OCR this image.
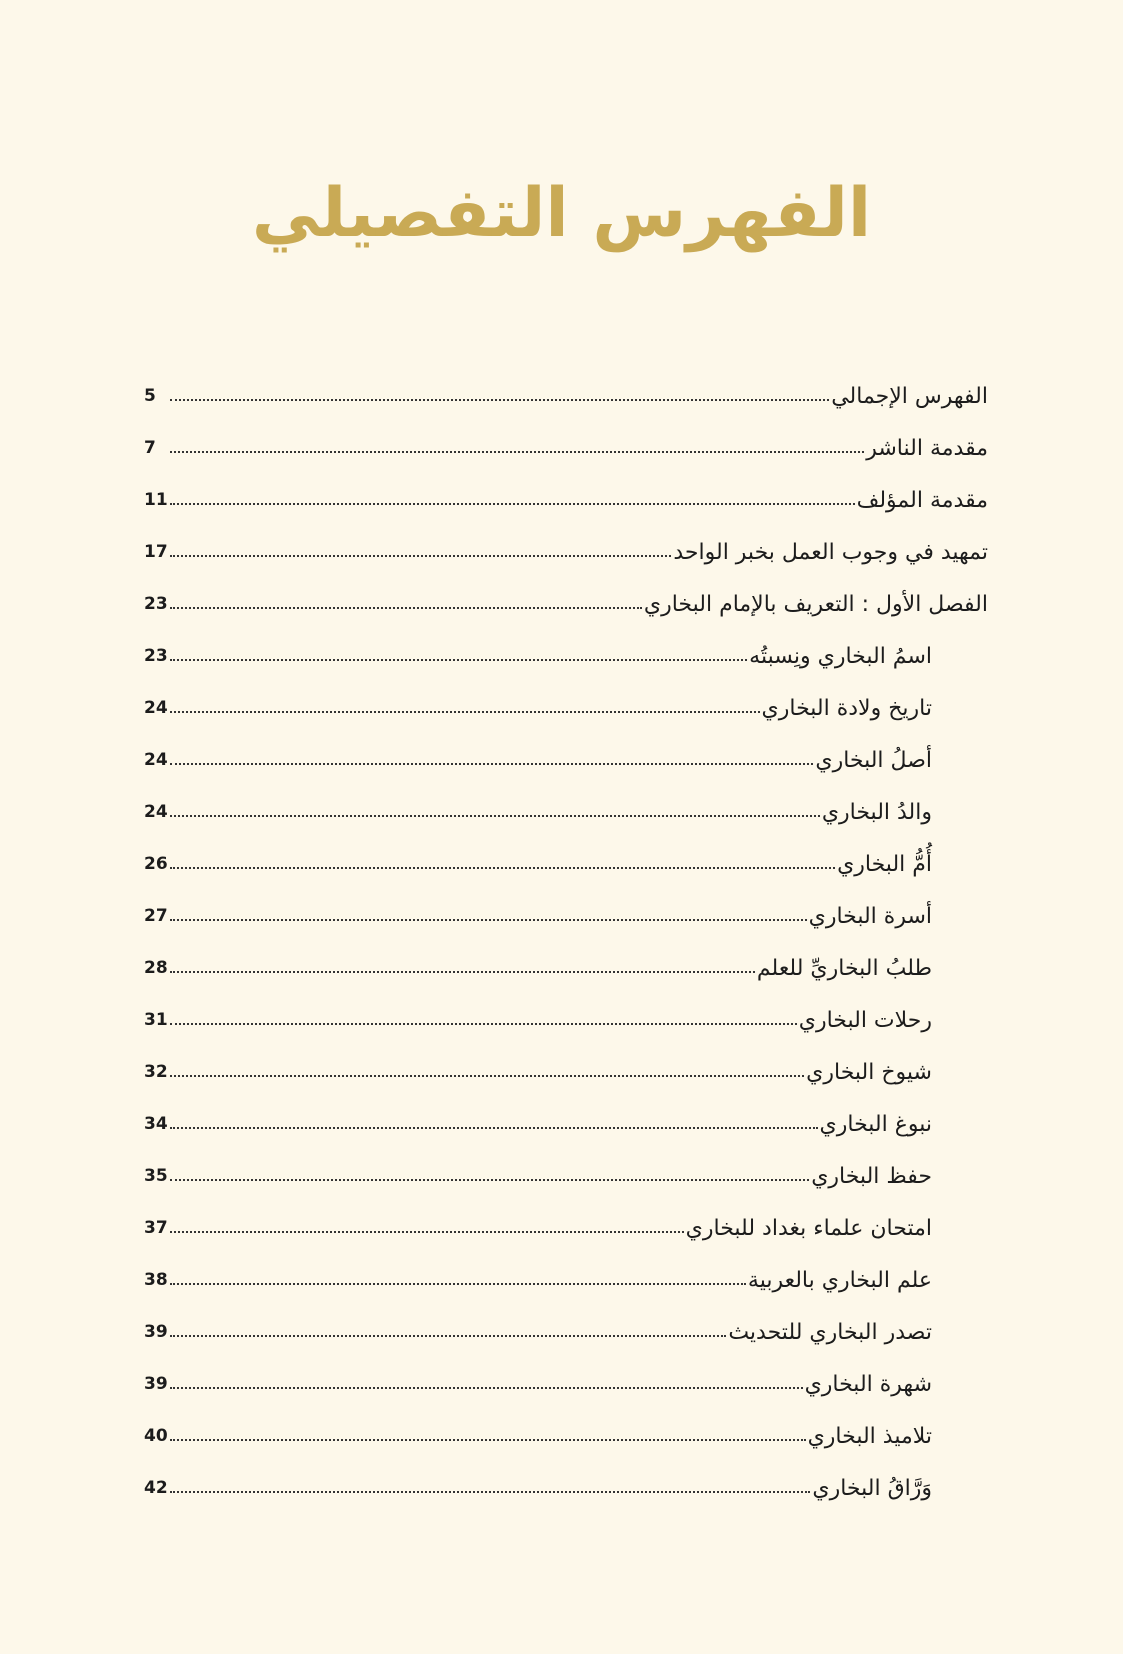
الفهرس التفصيلي
5	الفهرس الإجمالي
7	مقدمة الناشر
11	مقدمة المؤلف
17	تمهيد في وجوب العمل بخبر الواحد
23	الفصل الأول : التعريف بالإمام البخاري
23	اسمُ البخاري ونِسبتُه
24	تاريخ ولادة البخاري
24	أصلُ البخاري
24	والدُ البخاري
26	أُمُّ البخاري
27	أسرة البخاري
28	طلبُ البخاريِّ للعلم
31	رحلات البخاري
32	شيوخ البخاري
34	نبوغ البخاري
35	حفظ البخاري
37	امتحان علماء بغداد للبخاري
38	علم البخاري بالعربية
39	تصدر البخاري للتحديث
39	شهرة البخاري
40	تلاميذ البخاري
42	وَرَّاقُ البخاري
